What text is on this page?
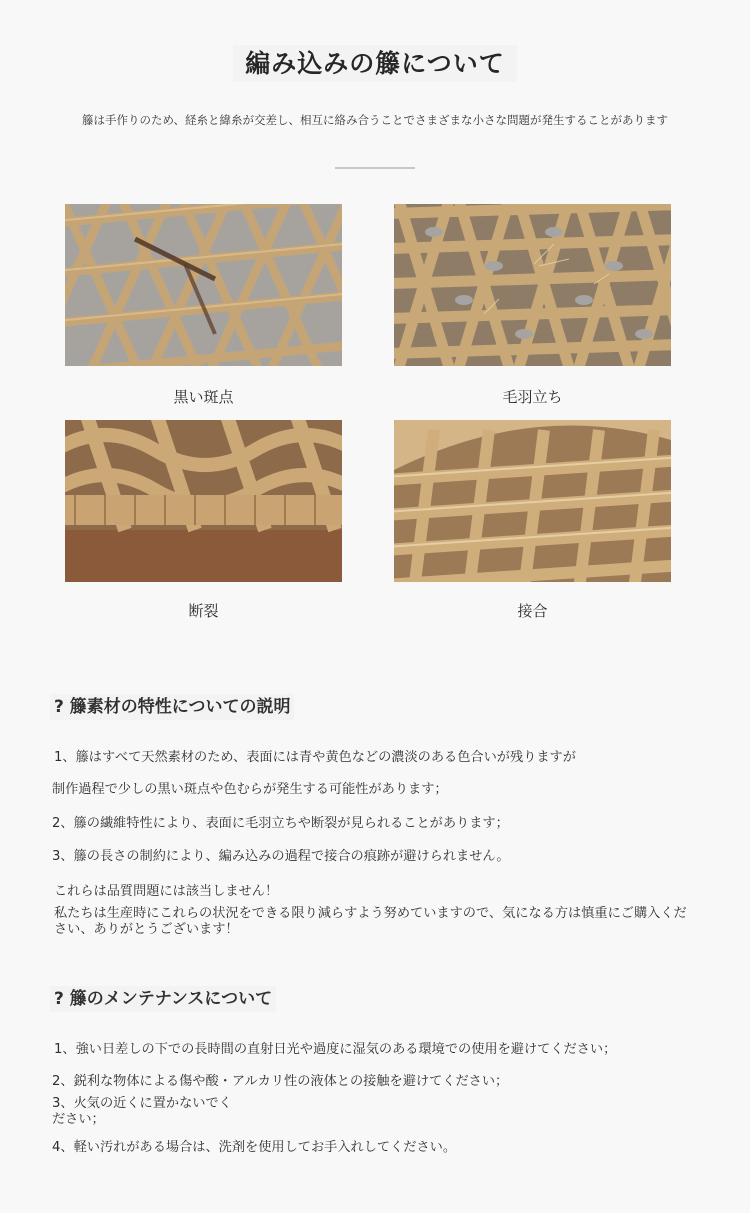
編み込みの籐について
籐は手作りのため、経糸と緯糸が交差し、相互に絡み合うことでさまざまな小さな問題が発生することがあります
黒い斑点	毛羽立ち
断裂	接合
? 籐素材の特性についての説明
1、籐はすべて天然素材のため、表面には青や黄色などの濃淡のある色合いが残りますが
制作過程で少しの黒い斑点や色むらが発生する可能性があります；
2、籐の繊維特性により、表面に毛羽立ちや断裂が見られることがあります；
3、籐の長さの制約により、編み込みの過程で接合の痕跡が避けられません。
これらは品質問題には該当しません！
私たちは生産時にこれらの状況をできる限り減らすよう努めていますので、気になる方は慎重にご購入ください、ありがとうございます！
? 籐のメンテナンスについて
1、強い日差しの下での長時間の直射日光や過度に湿気のある環境での使用を避けてください；
2、鋭利な物体による傷や酸・アルカリ性の液体との接触を避けてください；
3、火気の近くに置かないでください；
4、軽い汚れがある場合は、洗剤を使用してお手入れしてください。
